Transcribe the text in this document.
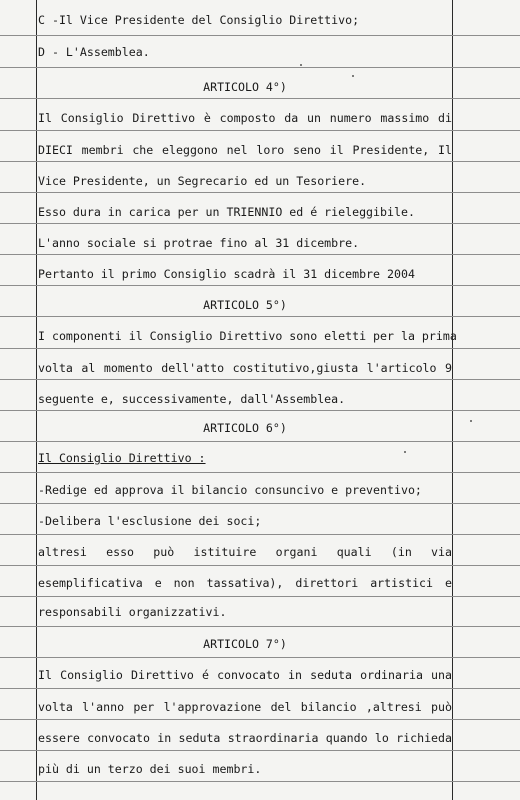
C -Il Vice Presidente del Consiglio Direttivo;
D - L'Assemblea.
ARTICOLO 4°)
Il Consiglio Direttivo è composto da un numero massimo di
DIECI membri che eleggono nel loro seno il Presidente, Il
Vice Presidente, un Segrecario ed un Tesoriere.
Esso dura in carica per un TRIENNIO ed é rieleggibile.
L'anno sociale si protrae fino al 31 dicembre.
Pertanto il primo Consiglio scadrà il 31 dicembre 2004
ARTICOLO 5°)
I componenti il Consiglio Direttivo sono eletti per la prima
volta al momento dell'atto costitutivo,giusta l'articolo 9
seguente e, successivamente, dall'Assemblea.
ARTICOLO 6°)
Il Consiglio Direttivo :
-Redige ed approva il bilancio consuncivo e preventivo;
-Delibera l'esclusione dei soci;
altresi esso può istituire organi quali (in via
esemplificativa e non tassativa), direttori artistici e
responsabili organizzativi.
ARTICOLO 7°)
Il Consiglio Direttivo é convocato in seduta ordinaria una
volta l'anno per l'approvazione del bilancio ,altresi può
essere convocato in seduta straordinaria quando lo richieda
più di un terzo dei suoi membri.
